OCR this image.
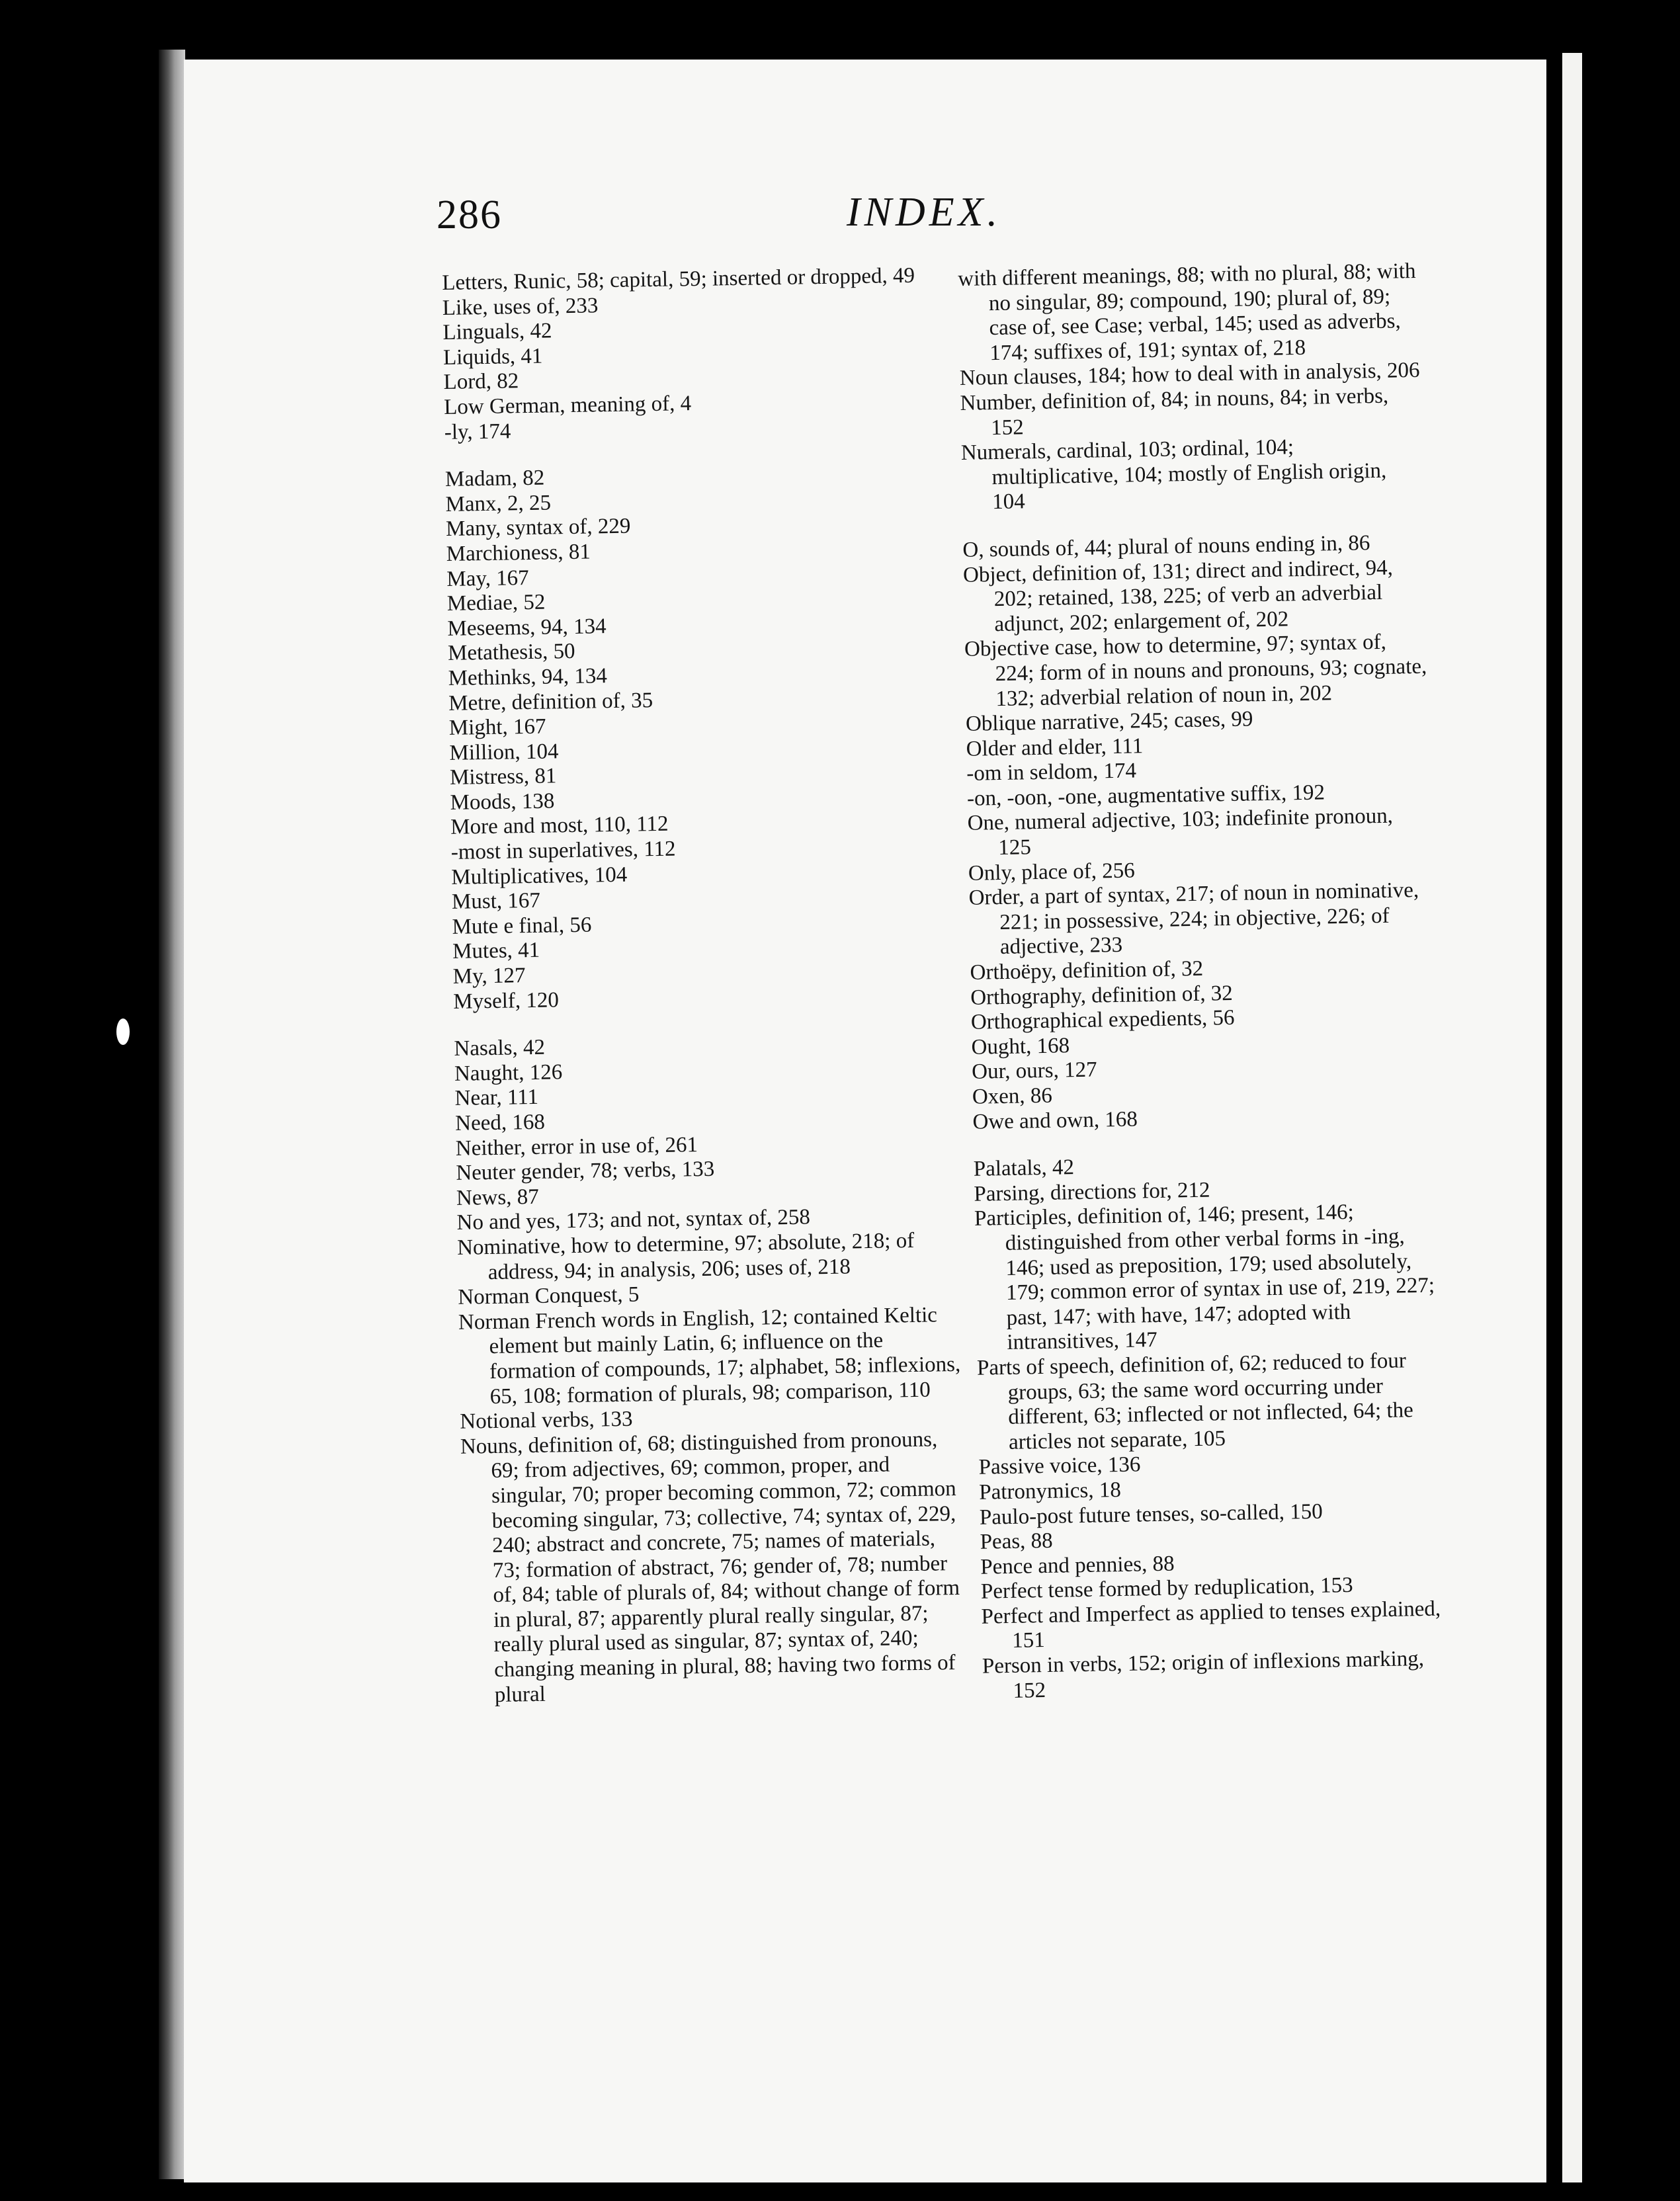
286	INDEX.

Letters, Runic, 58; capital, 59; inserted or dropped, 49

Like, uses of, 233

Linguals, 42

Liquids, 41

Lord, 82

Low German, meaning of, 4

-ly, 174

Madam, 82

Manx, 2, 25

Many, syntax of, 229

Marchioness, 81

May, 167

Mediae, 52

Meseems, 94, 134

Metathesis, 50

Methinks, 94, 134

Metre, definition of, 35

Might, 167

Million, 104

Mistress, 81

Moods, 138

More and most, 110, 112

-most in superlatives, 112

Multiplicatives, 104

Must, 167

Mute e final, 56

Mutes, 41

My, 127

Myself, 120

Nasals, 42

Naught, 126

Near, 111

Need, 168

Neither, error in use of, 261

Neuter gender, 78; verbs, 133

News, 87

No and yes, 173; and not, syntax of, 258

Nominative, how to determine, 97; absolute, 218; of address, 94; in analysis, 206; uses of, 218

Norman Conquest, 5

Norman French words in English, 12; contained Keltic element but mainly Latin, 6; influence on the formation of compounds, 17; alphabet, 58; inflexions, 65, 108; formation of plurals, 98; comparison, 110

Notional verbs, 133

Nouns, definition of, 68; distinguished from pronouns, 69; from adjectives, 69; common, proper, and singular, 70; proper becoming common, 72; common becoming singular, 73; collective, 74; syntax of, 229, 240; abstract and concrete, 75; names of materials, 73; formation of abstract, 76; gender of, 78; number of, 84; table of plurals of, 84; without change of form in plural, 87; apparently plural really singular, 87; really plural used as singular, 87; syntax of, 240; changing meaning in plural, 88; having two forms of plural

with different meanings, 88; with no plural, 88; with no singular, 89; compound, 190; plural of, 89; case of, see Case; verbal, 145; used as adverbs, 174; suffixes of, 191; syntax of, 218

Noun clauses, 184; how to deal with in analysis, 206

Number, definition of, 84; in nouns, 84; in verbs, 152

Numerals, cardinal, 103; ordinal, 104; multiplicative, 104; mostly of English origin, 104

O, sounds of, 44; plural of nouns ending in, 86

Object, definition of, 131; direct and indirect, 94, 202; retained, 138, 225; of verb an adverbial adjunct, 202; enlargement of, 202

Objective case, how to determine, 97; syntax of, 224; form of in nouns and pronouns, 93; cognate, 132; adverbial relation of noun in, 202

Oblique narrative, 245; cases, 99

Older and elder, 111

-om in seldom, 174

-on, -oon, -one, augmentative suffix, 192

One, numeral adjective, 103; indefinite pronoun, 125

Only, place of, 256

Order, a part of syntax, 217; of noun in nominative, 221; in possessive, 224; in objective, 226; of adjective, 233

Orthoëpy, definition of, 32

Orthography, definition of, 32

Orthographical expedients, 56

Ought, 168

Our, ours, 127

Oxen, 86

Owe and own, 168

Palatals, 42

Parsing, directions for, 212

Participles, definition of, 146; present, 146; distinguished from other verbal forms in -ing, 146; used as preposition, 179; used absolutely, 179; common error of syntax in use of, 219, 227; past, 147; with have, 147; adopted with intransitives, 147

Parts of speech, definition of, 62; reduced to four groups, 63; the same word occurring under different, 63; inflected or not inflected, 64; the articles not separate, 105

Passive voice, 136

Patronymics, 18

Paulo-post future tenses, so-called, 150

Peas, 88

Pence and pennies, 88

Perfect tense formed by reduplication, 153

Perfect and Imperfect as applied to tenses explained, 151

Person in verbs, 152; origin of inflexions marking, 152
